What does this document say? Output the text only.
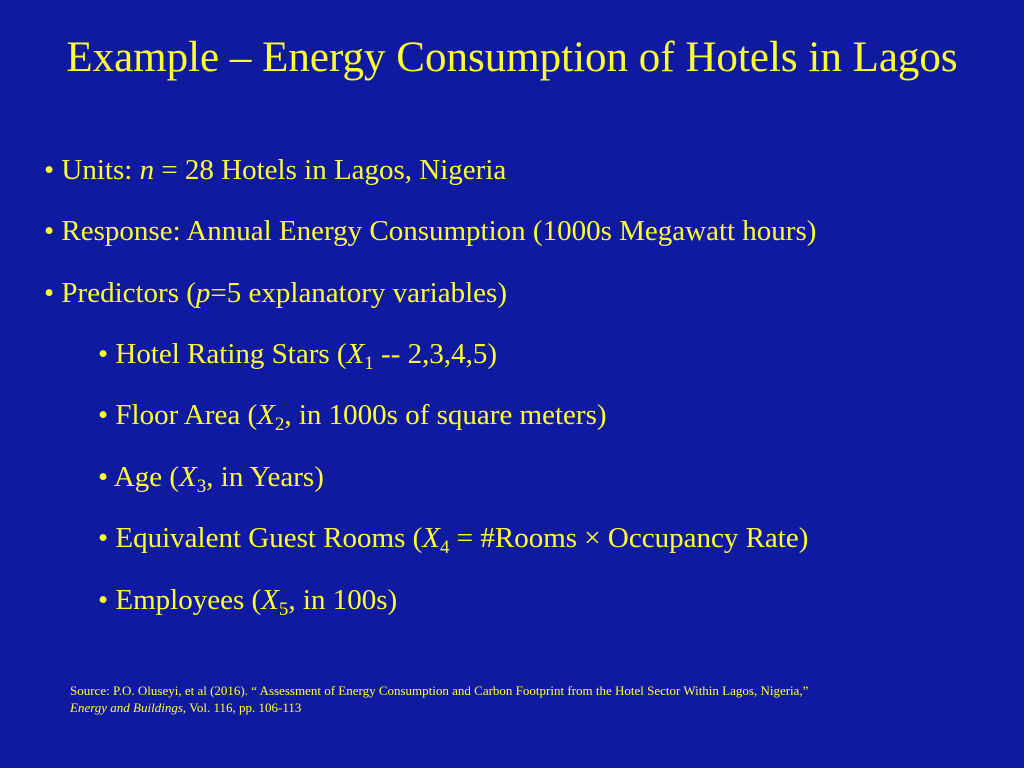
Example – Energy Consumption of Hotels in Lagos
• Units: n = 28 Hotels in Lagos, Nigeria
• Response: Annual Energy Consumption (1000s Megawatt hours)
• Predictors (p=5 explanatory variables)
• Hotel Rating Stars $(X_1 -- 2,3,4,5)$
• Floor Area ($X_2$, in 1000s of square meters)
• Age ($X_3$, in Years)
• Equivalent Guest Rooms ($X_4$ = #Rooms × Occupancy Rate)
• Employees ($X_5$, in 100s)
Source: P.O. Oluseyi, et al (2016). “ Assessment of Energy Consumption and Carbon Footprint from the Hotel Sector Within Lagos, Nigeria,”
Energy and Buildings, Vol. 116, pp. 106-113
